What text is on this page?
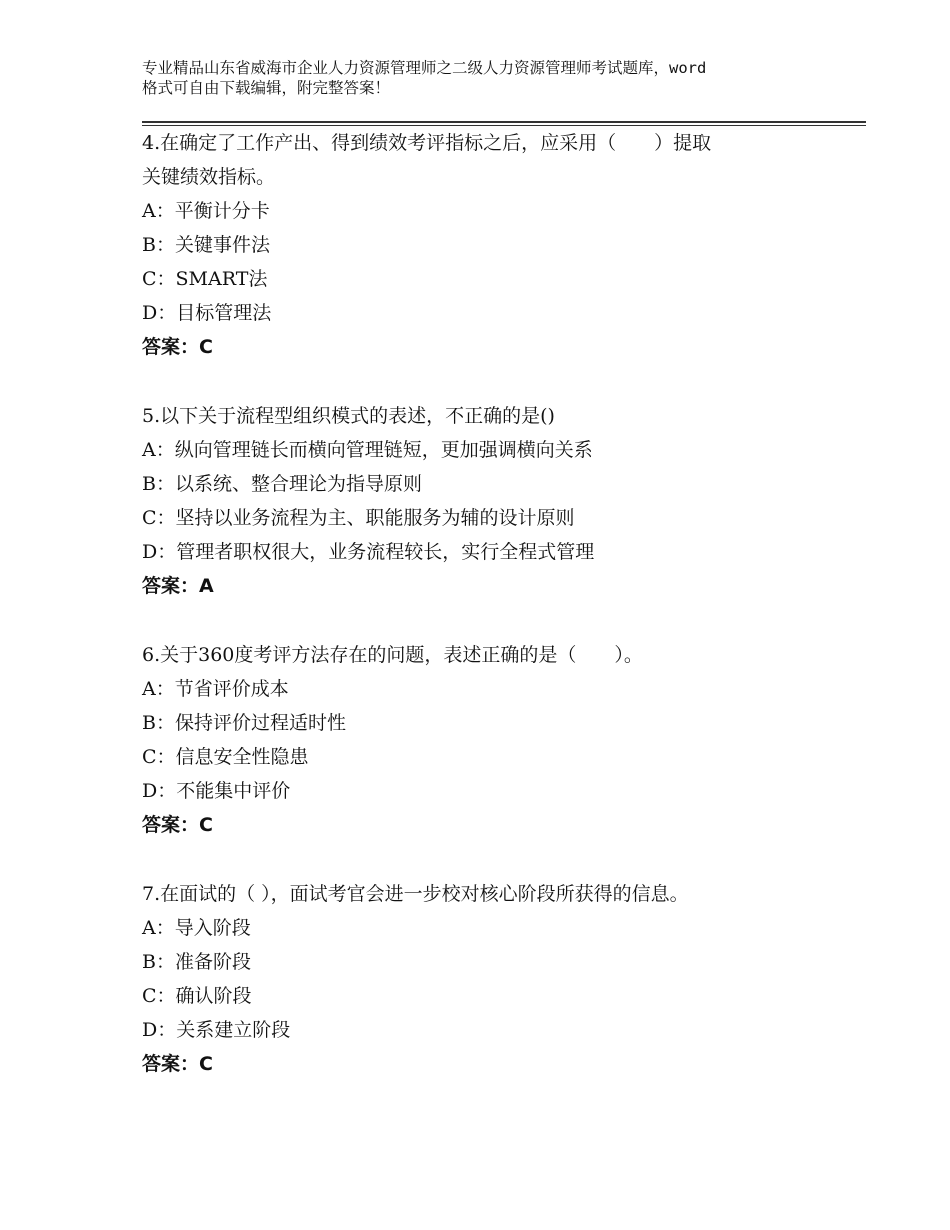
专业精品山东省威海市企业人力资源管理师之二级人力资源管理师考试题库，word
格式可自由下载编辑，附完整答案！
4.在确定了工作产出、得到绩效考评指标之后，应采用（　　）提取
关键绩效指标。
A：平衡计分卡
B：关键事件法
C：SMART法
D：目标管理法
答案：C
5.以下关于流程型组织模式的表述，不正确的是()
A：纵向管理链长而横向管理链短，更加强调横向关系
B：以系统、整合理论为指导原则
C：坚持以业务流程为主、职能服务为辅的设计原则
D：管理者职权很大，业务流程较长，实行全程式管理
答案：A
6.关于360度考评方法存在的问题，表述正确的是（　　）。
A：节省评价成本
B：保持评价过程适时性
C：信息安全性隐患
D：不能集中评价
答案：C
7.在面试的（ ），面试考官会进一步校对核心阶段所获得的信息。
A：导入阶段
B：准备阶段
C：确认阶段
D：关系建立阶段
答案：C
